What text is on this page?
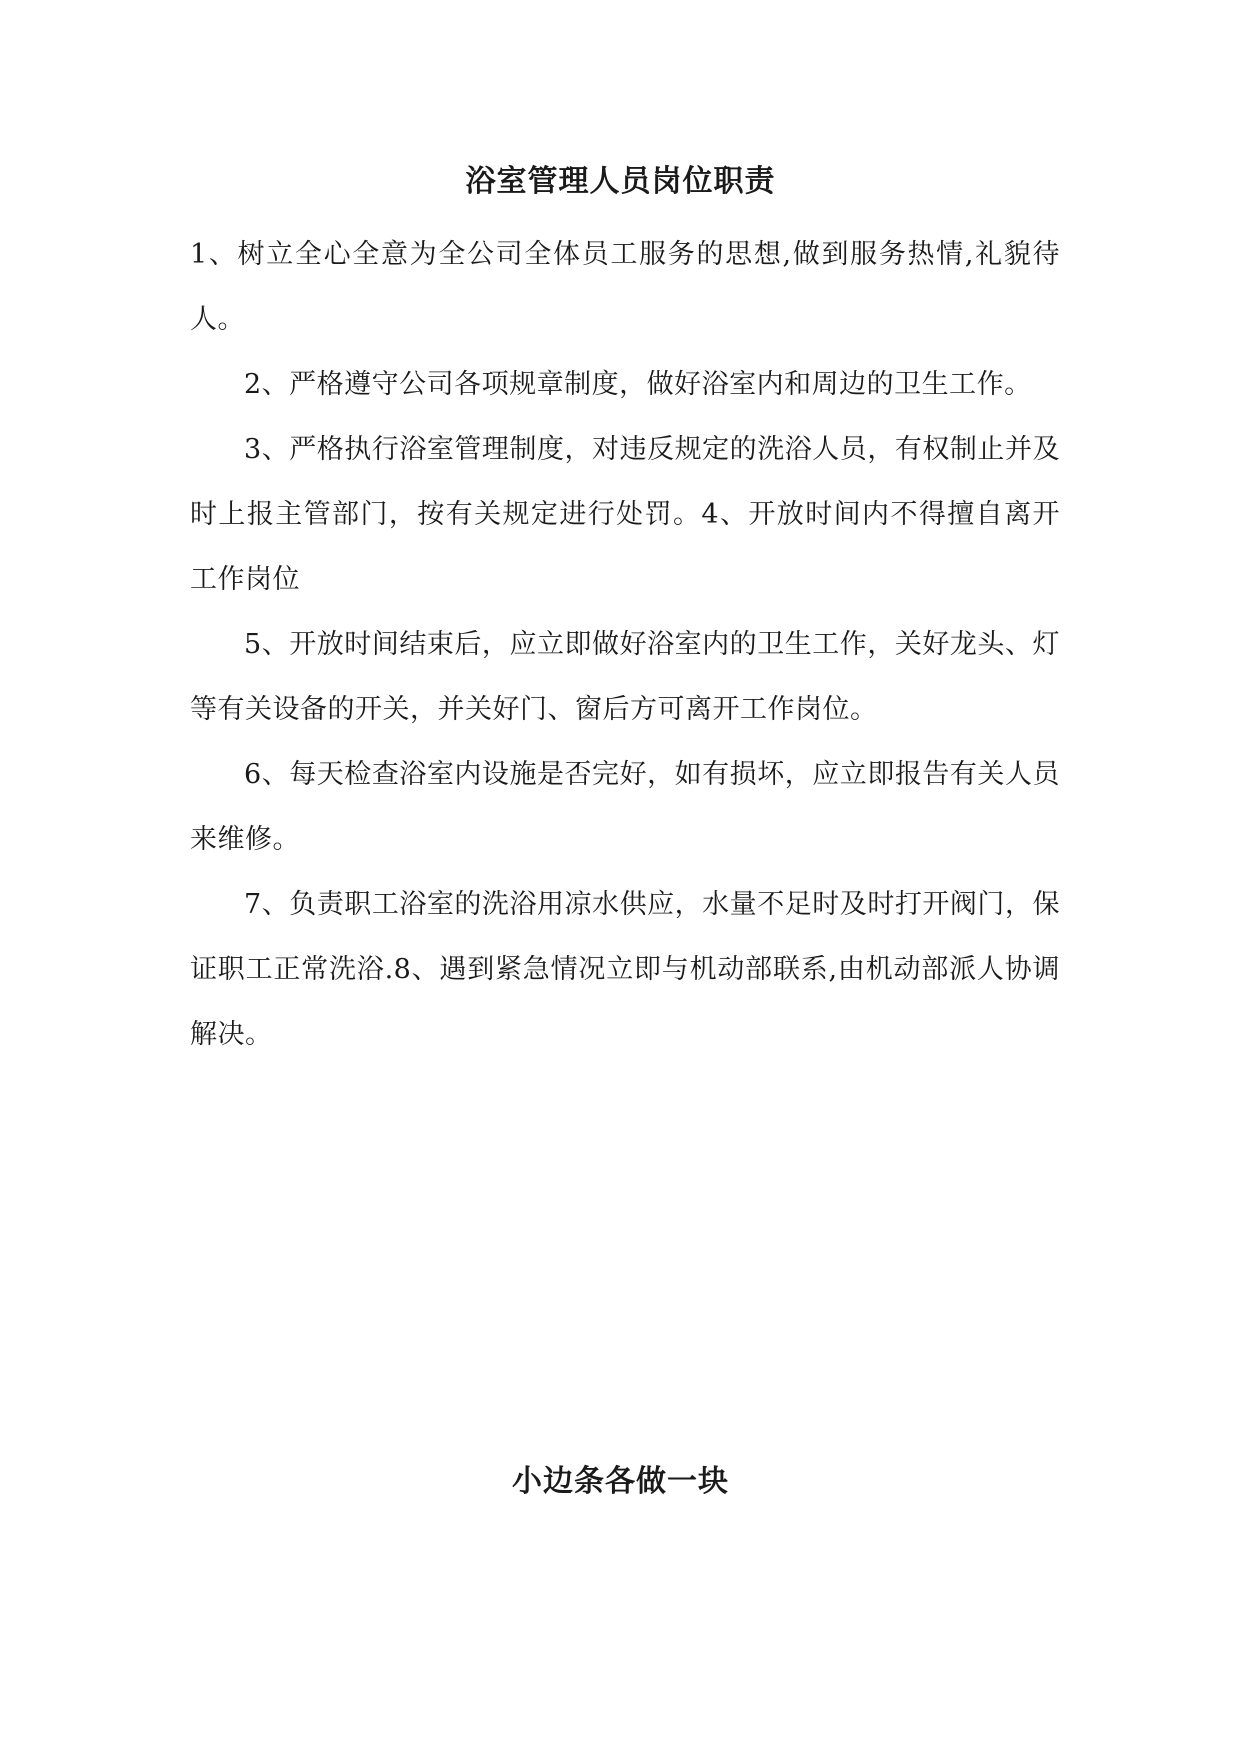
浴室管理人员岗位职责

1、树立全心全意为全公司全体员工服务的思想,做到服务热情,礼貌待人。

2、严格遵守公司各项规章制度，做好浴室内和周边的卫生工作。

3、严格执行浴室管理制度，对违反规定的洗浴人员，有权制止并及时上报主管部门，按有关规定进行处罚。4、开放时间内不得擅自离开工作岗位

5、开放时间结束后，应立即做好浴室内的卫生工作，关好龙头、灯等有关设备的开关，并关好门、窗后方可离开工作岗位。

6、每天检查浴室内设施是否完好，如有损坏，应立即报告有关人员来维修。

7、负责职工浴室的洗浴用凉水供应，水量不足时及时打开阀门，保证职工正常洗浴.8、遇到紧急情况立即与机动部联系,由机动部派人协调解决。

小边条各做一块
